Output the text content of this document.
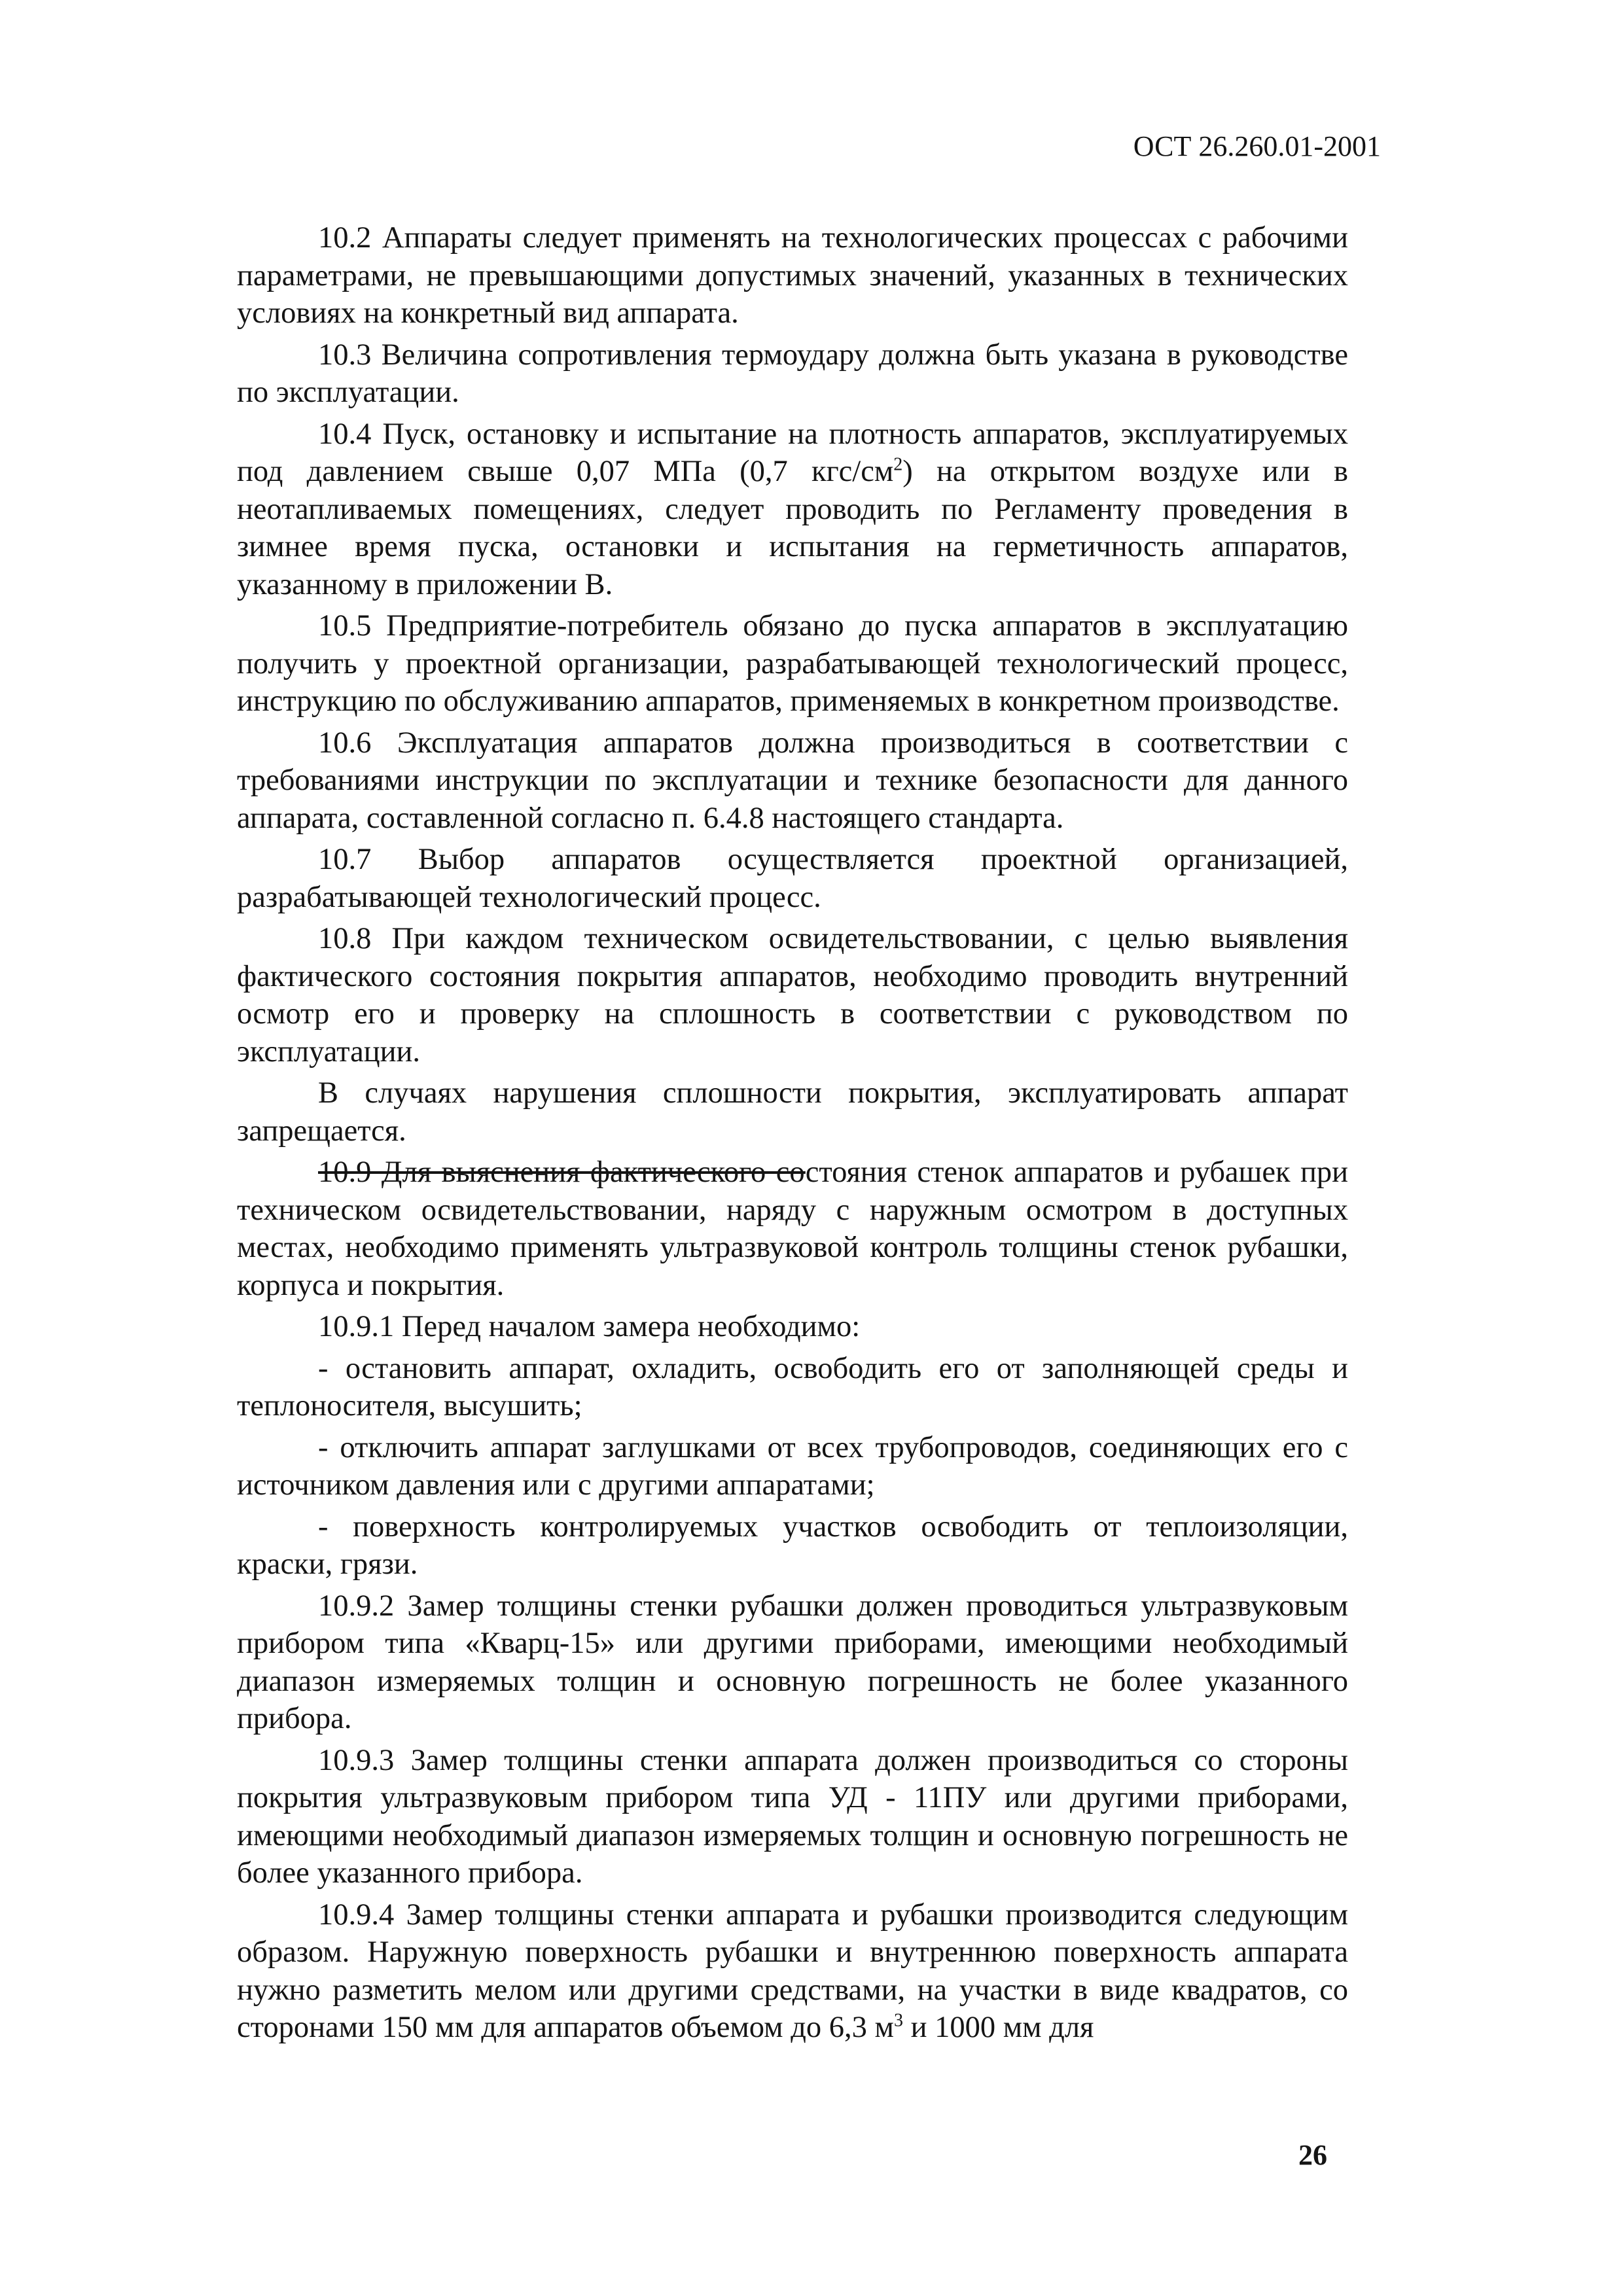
ОСТ 26.260.01-2001

10.2 Аппараты следует применять на технологических процессах с рабочими параметрами, не превышающими допустимых значений, указанных в технических условиях на конкретный вид аппарата.

10.3 Величина сопротивления термоудару должна быть указана в руководстве по эксплуатации.

10.4 Пуск, остановку и испытание на плотность аппаратов, эксплуатируемых под давлением свыше 0,07 МПа (0,7 кгс/$см^2$) на открытом воздухе или в неотапливаемых помещениях, следует проводить по Регламенту проведения в зимнее время пуска, остановки и испытания на герметичность аппаратов, указанному в приложении В.

10.5 Предприятие-потребитель обязано до пуска аппаратов в эксплуатацию получить у проектной организации, разрабатывающей технологический процесс, инструкцию по обслуживанию аппаратов, применяемых в конкретном производстве.

10.6 Эксплуатация аппаратов должна производиться в соответствии с требованиями инструкции по эксплуатации и технике безопасности для данного аппарата, составленной согласно п. 6.4.8 настоящего стандарта.

10.7 Выбор аппаратов осуществляется проектной организацией, разрабатывающей технологический процесс.

10.8 При каждом техническом освидетельствовании, с целью выявления фактического состояния покрытия аппаратов, необходимо проводить внутренний осмотр его и проверку на сплошность в соответствии с руководством по эксплуатации.

В случаях нарушения сплошности покрытия, эксплуатировать аппарат запрещается.

10.9 Для выяснения фактического состояния стенок аппаратов и рубашек при техническом освидетельствовании, наряду с наружным осмотром в доступных местах, необходимо применять ультразвуковой контроль толщины стенок рубашки, корпуса и покрытия.

10.9.1 Перед началом замера необходимо:

- остановить аппарат, охладить, освободить его от заполняющей среды и теплоносителя, высушить;

- отключить аппарат заглушками от всех трубопроводов, соединяющих его с источником давления или с другими аппаратами;

- поверхность контролируемых участков освободить от теплоизоляции, краски, грязи.

10.9.2 Замер толщины стенки рубашки должен проводиться ультразвуковым прибором типа «Кварц-15» или другими приборами, имеющими необходимый диапазон измеряемых толщин и основную погрешность не более указанного прибора.

10.9.3 Замер толщины стенки аппарата должен производиться со стороны покрытия ультразвуковым прибором типа УД - 11ПУ или другими приборами, имеющими необходимый диапазон измеряемых толщин и основную погрешность не более указанного прибора.

10.9.4 Замер толщины стенки аппарата и рубашки производится следующим образом. Наружную поверхность рубашки и внутреннюю поверхность аппарата нужно разметить мелом или другими средствами, на участки в виде квадратов, со сторонами 150 мм для аппаратов объемом до 6,3 $м^3$ и 1000 мм для

26
